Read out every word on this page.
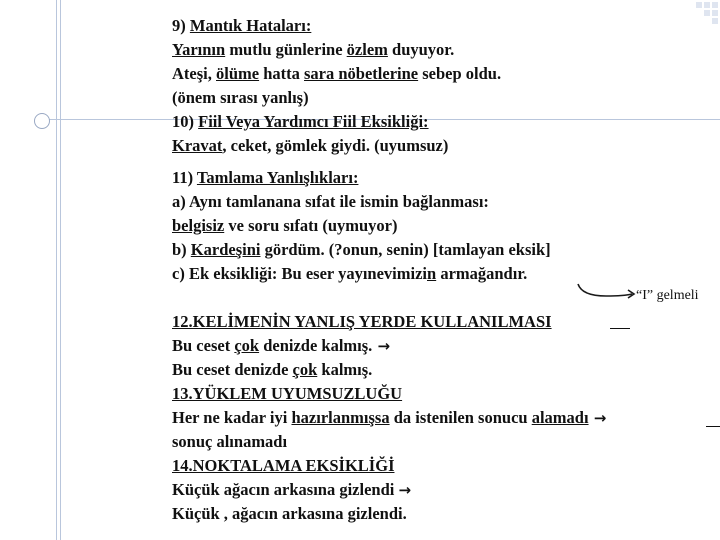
9) Mantık Hataları:
Yarının mutlu günlerine özlem duyuyor.
Ateşi, ölüme hatta sara nöbetlerine sebep oldu.
(önem sırası yanlış)
10) Fiil Veya Yardımcı Fiil Eksikliği:
Kravat, ceket, gömlek giydi. (uyumsuz)
11) Tamlama Yanlışlıkları:
a) Aynı tamlanana sıfat ile ismin bağlanması:
belgisiz ve soru sıfatı (uymuyor)
b) Kardeşini gördüm. (?onun, senin) [tamlayan eksik]
c) Ek eksikliği: Bu eser yayınevimizin armağandır.
“I” gelmeli
12.KELİMENİN YANLIŞ YERDE KULLANILMASI
Bu ceset çok denizde kalmış. →
Bu ceset denizde çok kalmış.
13.YÜKLEM UYUMSUZLUĞU
Her ne kadar iyi hazırlanmışsa da istenilen sonucu alamadı →
sonuç alınamadı
14.NOKTALAMA EKSİKLİĞİ
Küçük ağacın arkasına gizlendi →
Küçük , ağacın arkasına gizlendi.
